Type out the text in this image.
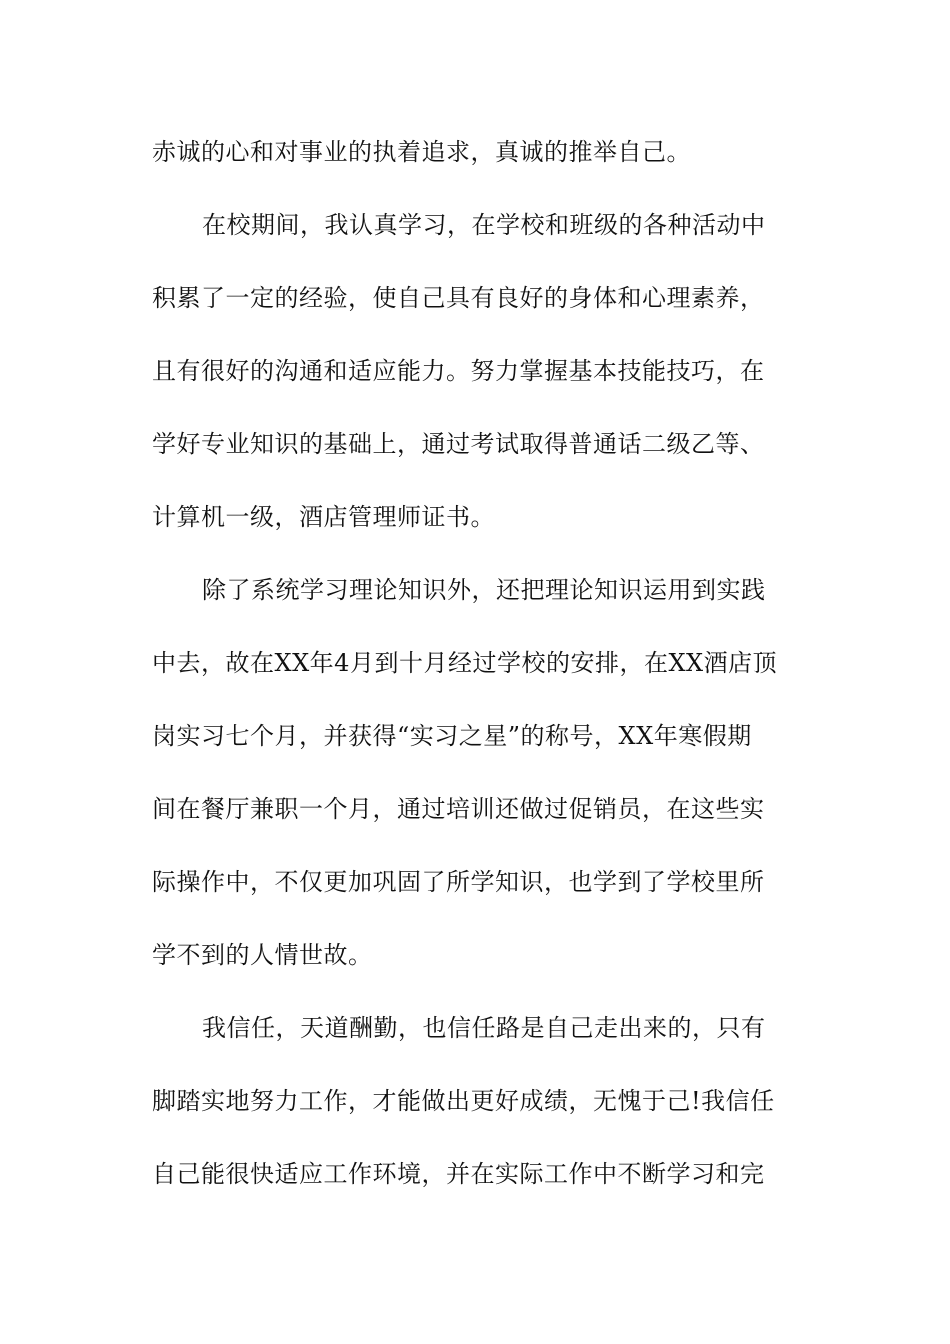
赤诚的心和对事业的执着追求，真诚的推举自己。
在校期间，我认真学习，在学校和班级的各种活动中
积累了一定的经验，使自己具有良好的身体和心理素养，
且有很好的沟通和适应能力。努力掌握基本技能技巧，在
学好专业知识的基础上，通过考试取得普通话二级乙等、
计算机一级，酒店管理师证书。
除了系统学习理论知识外，还把理论知识运用到实践
中去，故在XX年4月到十月经过学校的安排，在XX酒店顶
岗实习七个月，并获得“实习之星”的称号，XX年寒假期
间在餐厅兼职一个月，通过培训还做过促销员，在这些实
际操作中，不仅更加巩固了所学知识，也学到了学校里所
学不到的人情世故。
我信任，天道酬勤，也信任路是自己走出来的，只有
脚踏实地努力工作，才能做出更好成绩，无愧于己!我信任
自己能很快适应工作环境，并在实际工作中不断学习和完
